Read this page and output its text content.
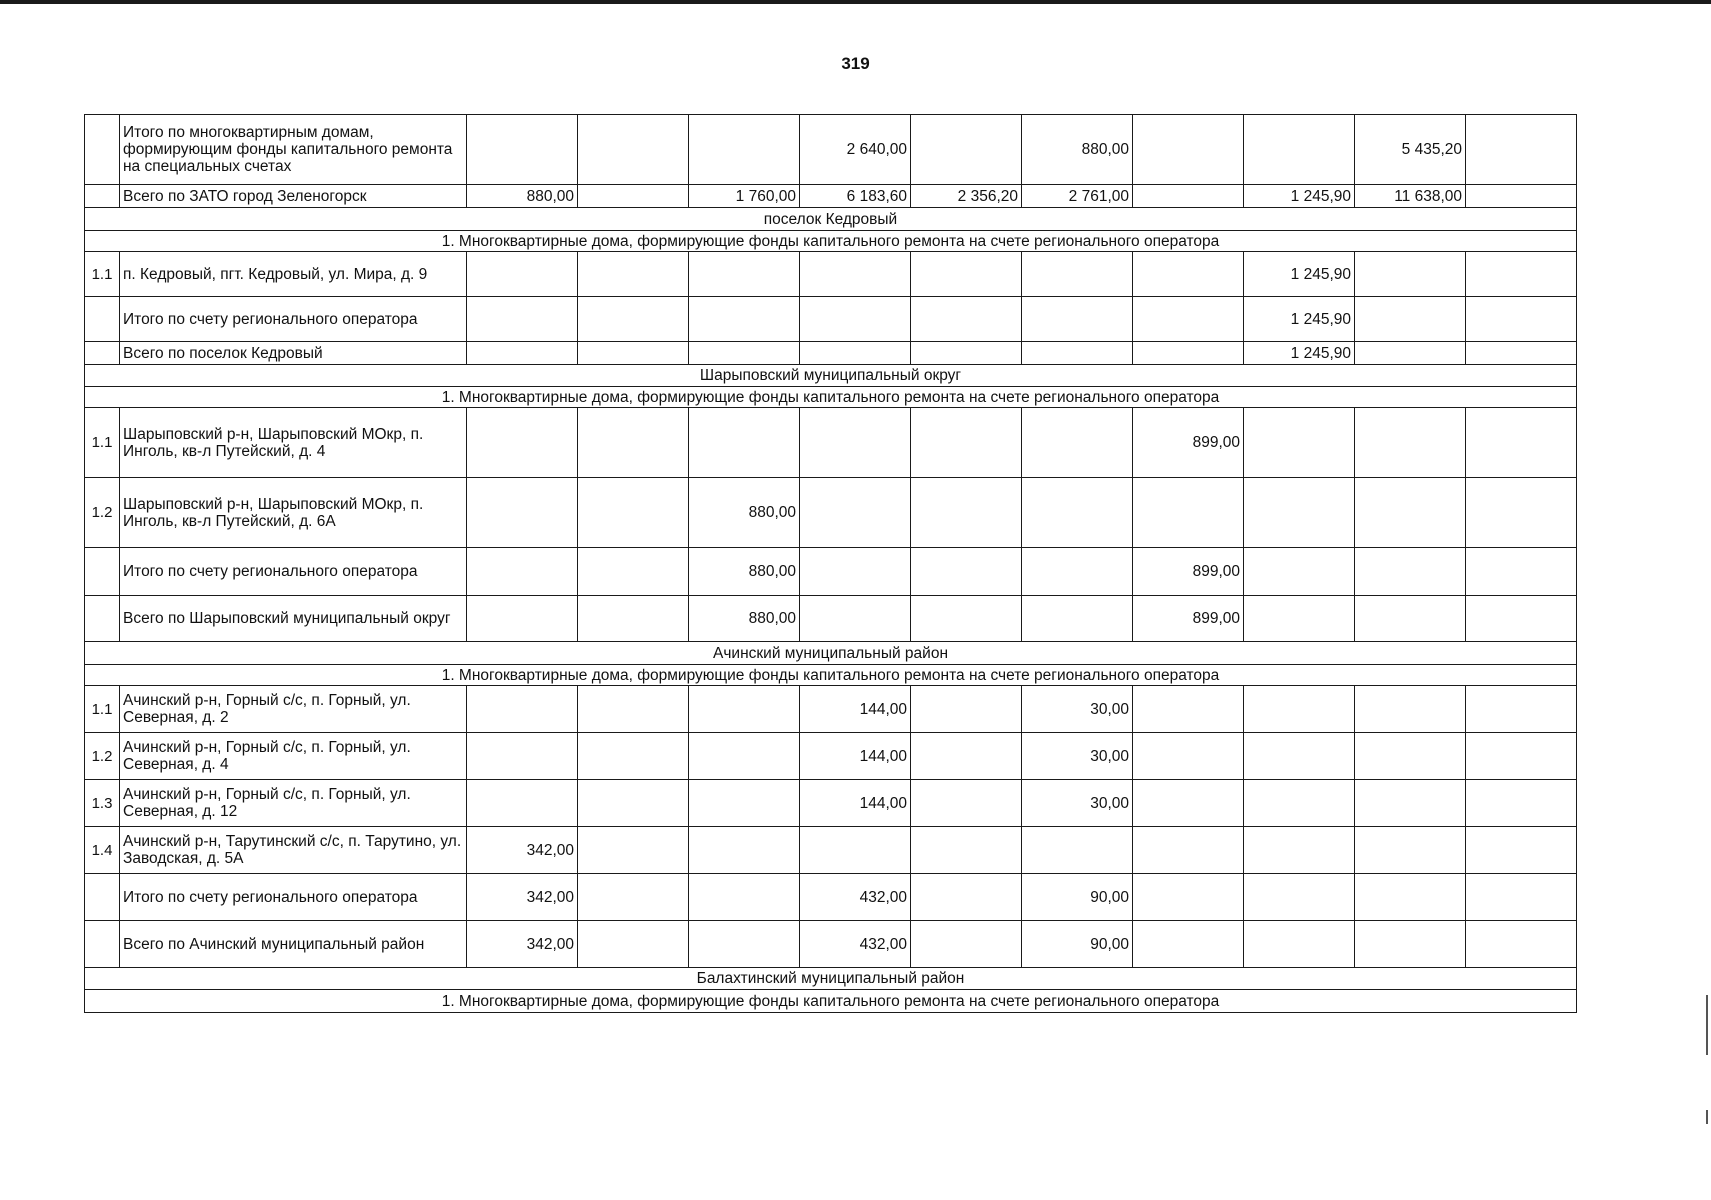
319
	Итого по многоквартирным домам, формирующим фонды капитального ремонта на специальных счетах				2 640,00		880,00			5 435,20	
	Всего по ЗАТО город Зеленогорск	880,00		1 760,00	6 183,60	2 356,20	2 761,00		1 245,90	11 638,00	
поселок Кедровый											
1. Многоквартирные дома, формирующие фонды капитального ремонта на счете регионального оператора											
1.1	п. Кедровый, пгт. Кедровый, ул. Мира, д. 9								1 245,90		
	Итого по счету регионального оператора								1 245,90		
	Всего по поселок Кедровый								1 245,90		
Шарыповский муниципальный округ											
1. Многоквартирные дома, формирующие фонды капитального ремонта на счете регионального оператора											
1.1	Шарыповский р-н, Шарыповский МОкр, п. Инголь, кв-л Путейский, д. 4							899,00			
1.2	Шарыповский р-н, Шарыповский МОкр, п. Инголь, кв-л Путейский, д. 6А			880,00							
	Итого по счету регионального оператора			880,00				899,00			
	Всего по Шарыповский муниципальный округ			880,00				899,00			
Ачинский муниципальный район											
1. Многоквартирные дома, формирующие фонды капитального ремонта на счете регионального оператора											
1.1	Ачинский р-н, Горный с/с, п. Горный, ул. Северная, д. 2				144,00		30,00				
1.2	Ачинский р-н, Горный с/с, п. Горный, ул. Северная, д. 4				144,00		30,00				
1.3	Ачинский р-н, Горный с/с, п. Горный, ул. Северная, д. 12				144,00		30,00				
1.4	Ачинский р-н, Тарутинский с/с, п. Тарутино, ул. Заводская, д. 5А	342,00									
	Итого по счету регионального оператора	342,00			432,00		90,00				
	Всего по Ачинский муниципальный район	342,00			432,00		90,00				
Балахтинский муниципальный район											
1. Многоквартирные дома, формирующие фонды капитального ремонта на счете регионального оператора											
